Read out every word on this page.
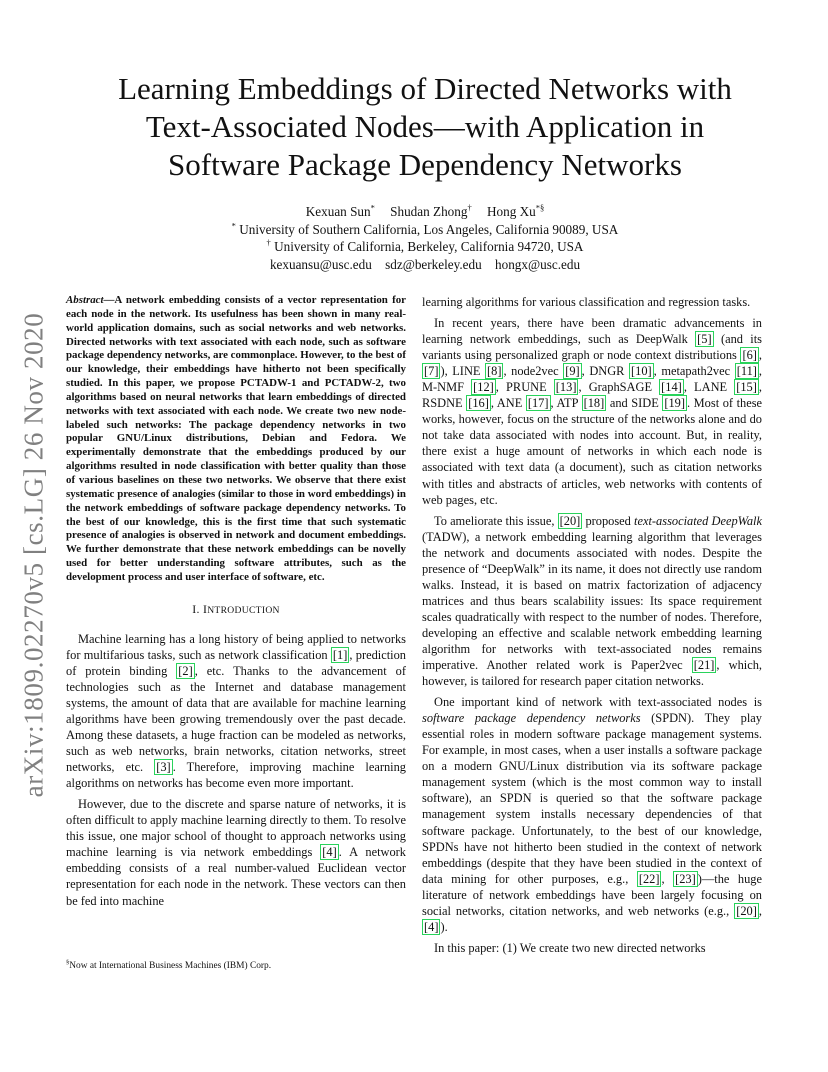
arXiv:1809.02270v5 [cs.LG] 26 Nov 2020
Learning Embeddings of Directed Networks with
Text-Associated Nodes—with Application in
Software Package Dependency Networks
Kexuan Sun* Shudan Zhong† Hong Xu*§
* University of Southern California, Los Angeles, California 90089, USA
† University of California, Berkeley, California 94720, USA
kexuansu@usc.edu sdz@berkeley.edu hongx@usc.edu
Abstract—A network embedding consists of a vector representation for each node in the network. Its usefulness has been shown in many real-world application domains, such as social networks and web networks. Directed networks with text associated with each node, such as software package dependency networks, are commonplace. However, to the best of our knowledge, their embeddings have hitherto not been specifically studied. In this paper, we propose PCTADW-1 and PCTADW-2, two algorithms based on neural networks that learn embeddings of directed networks with text associated with each node. We create two new node-labeled such networks: The package dependency networks in two popular GNU/Linux distributions, Debian and Fedora. We experimentally demonstrate that the embeddings produced by our algorithms resulted in node classification with better quality than those of various baselines on these two networks. We observe that there exist systematic presence of analogies (similar to those in word embeddings) in the network embeddings of software package dependency networks. To the best of our knowledge, this is the first time that such systematic presence of analogies is observed in network and document embeddings. We further demonstrate that these network embeddings can be novelly used for better understanding software attributes, such as the development process and user interface of software, etc.
I. INTRODUCTION

Machine learning has a long history of being applied to networks for multifarious tasks, such as network classification [1] , prediction of protein binding [2] , etc. Thanks to the advancement of technologies such as the Internet and database management systems, the amount of data that are available for machine learning algorithms have been growing tremendously over the past decade. Among these datasets, a huge fraction can be modeled as networks, such as web networks, brain networks, citation networks, street networks, etc. [3] . Therefore, improving machine learning algorithms on networks has become even more important.

However, due to the discrete and sparse nature of networks, it is often difficult to apply machine learning directly to them. To resolve this issue, one major school of thought to approach networks using machine learning is via network embeddings [4] . A network embedding consists of a real number-valued Euclidean vector representation for each node in the network. These vectors can then be fed into machine

§Now at International Business Machines (IBM) Corp.

learning algorithms for various classification and regression tasks.

In recent years, there have been dramatic advancements in learning network embeddings, such as DeepWalk [5] (and its variants using personalized graph or node context distributions [6] , [7] ), LINE [8] , node2vec [9] , DNGR [10] , metapath2vec [11] , M-NMF [12] , PRUNE [13] , GraphSAGE [14] , LANE [15] , RSDNE [16] , ANE [17] , ATP [18] and SIDE [19] . Most of these works, however, focus on the structure of the networks alone and do not take data associated with nodes into account. But, in reality, there exist a huge amount of networks in which each node is associated with text data (a document), such as citation networks with titles and abstracts of articles, web networks with contents of web pages, etc.

To ameliorate this issue, [20] proposed text-associated DeepWalk (TADW), a network embedding learning algorithm that leverages the network and documents associated with nodes. Despite the presence of “DeepWalk” in its name, it does not directly use random walks. Instead, it is based on matrix factorization of adjacency matrices and thus bears scalability issues: Its space requirement scales quadratically with respect to the number of nodes. Therefore, developing an effective and scalable network embedding learning algorithm for networks with text-associated nodes remains imperative. Another related work is Paper2vec [21] , which, however, is tailored for research paper citation networks.

One important kind of network with text-associated nodes is software package dependency networks (SPDN). They play essential roles in modern software package management systems. For example, in most cases, when a user installs a software package on a modern GNU/Linux distribution via its software package management system (which is the most common way to install software), an SPDN is queried so that the software package management system installs necessary dependencies of that software package. Unfortunately, to the best of our knowledge, SPDNs have not hitherto been studied in the context of network embeddings (despite that they have been studied in the context of data mining for other purposes, e.g., [22] , [23] )—the huge literature of network embeddings have been largely focusing on social networks, citation networks, and web networks (e.g., [20] , [4] ).

In this paper: (1) We create two new directed networks
